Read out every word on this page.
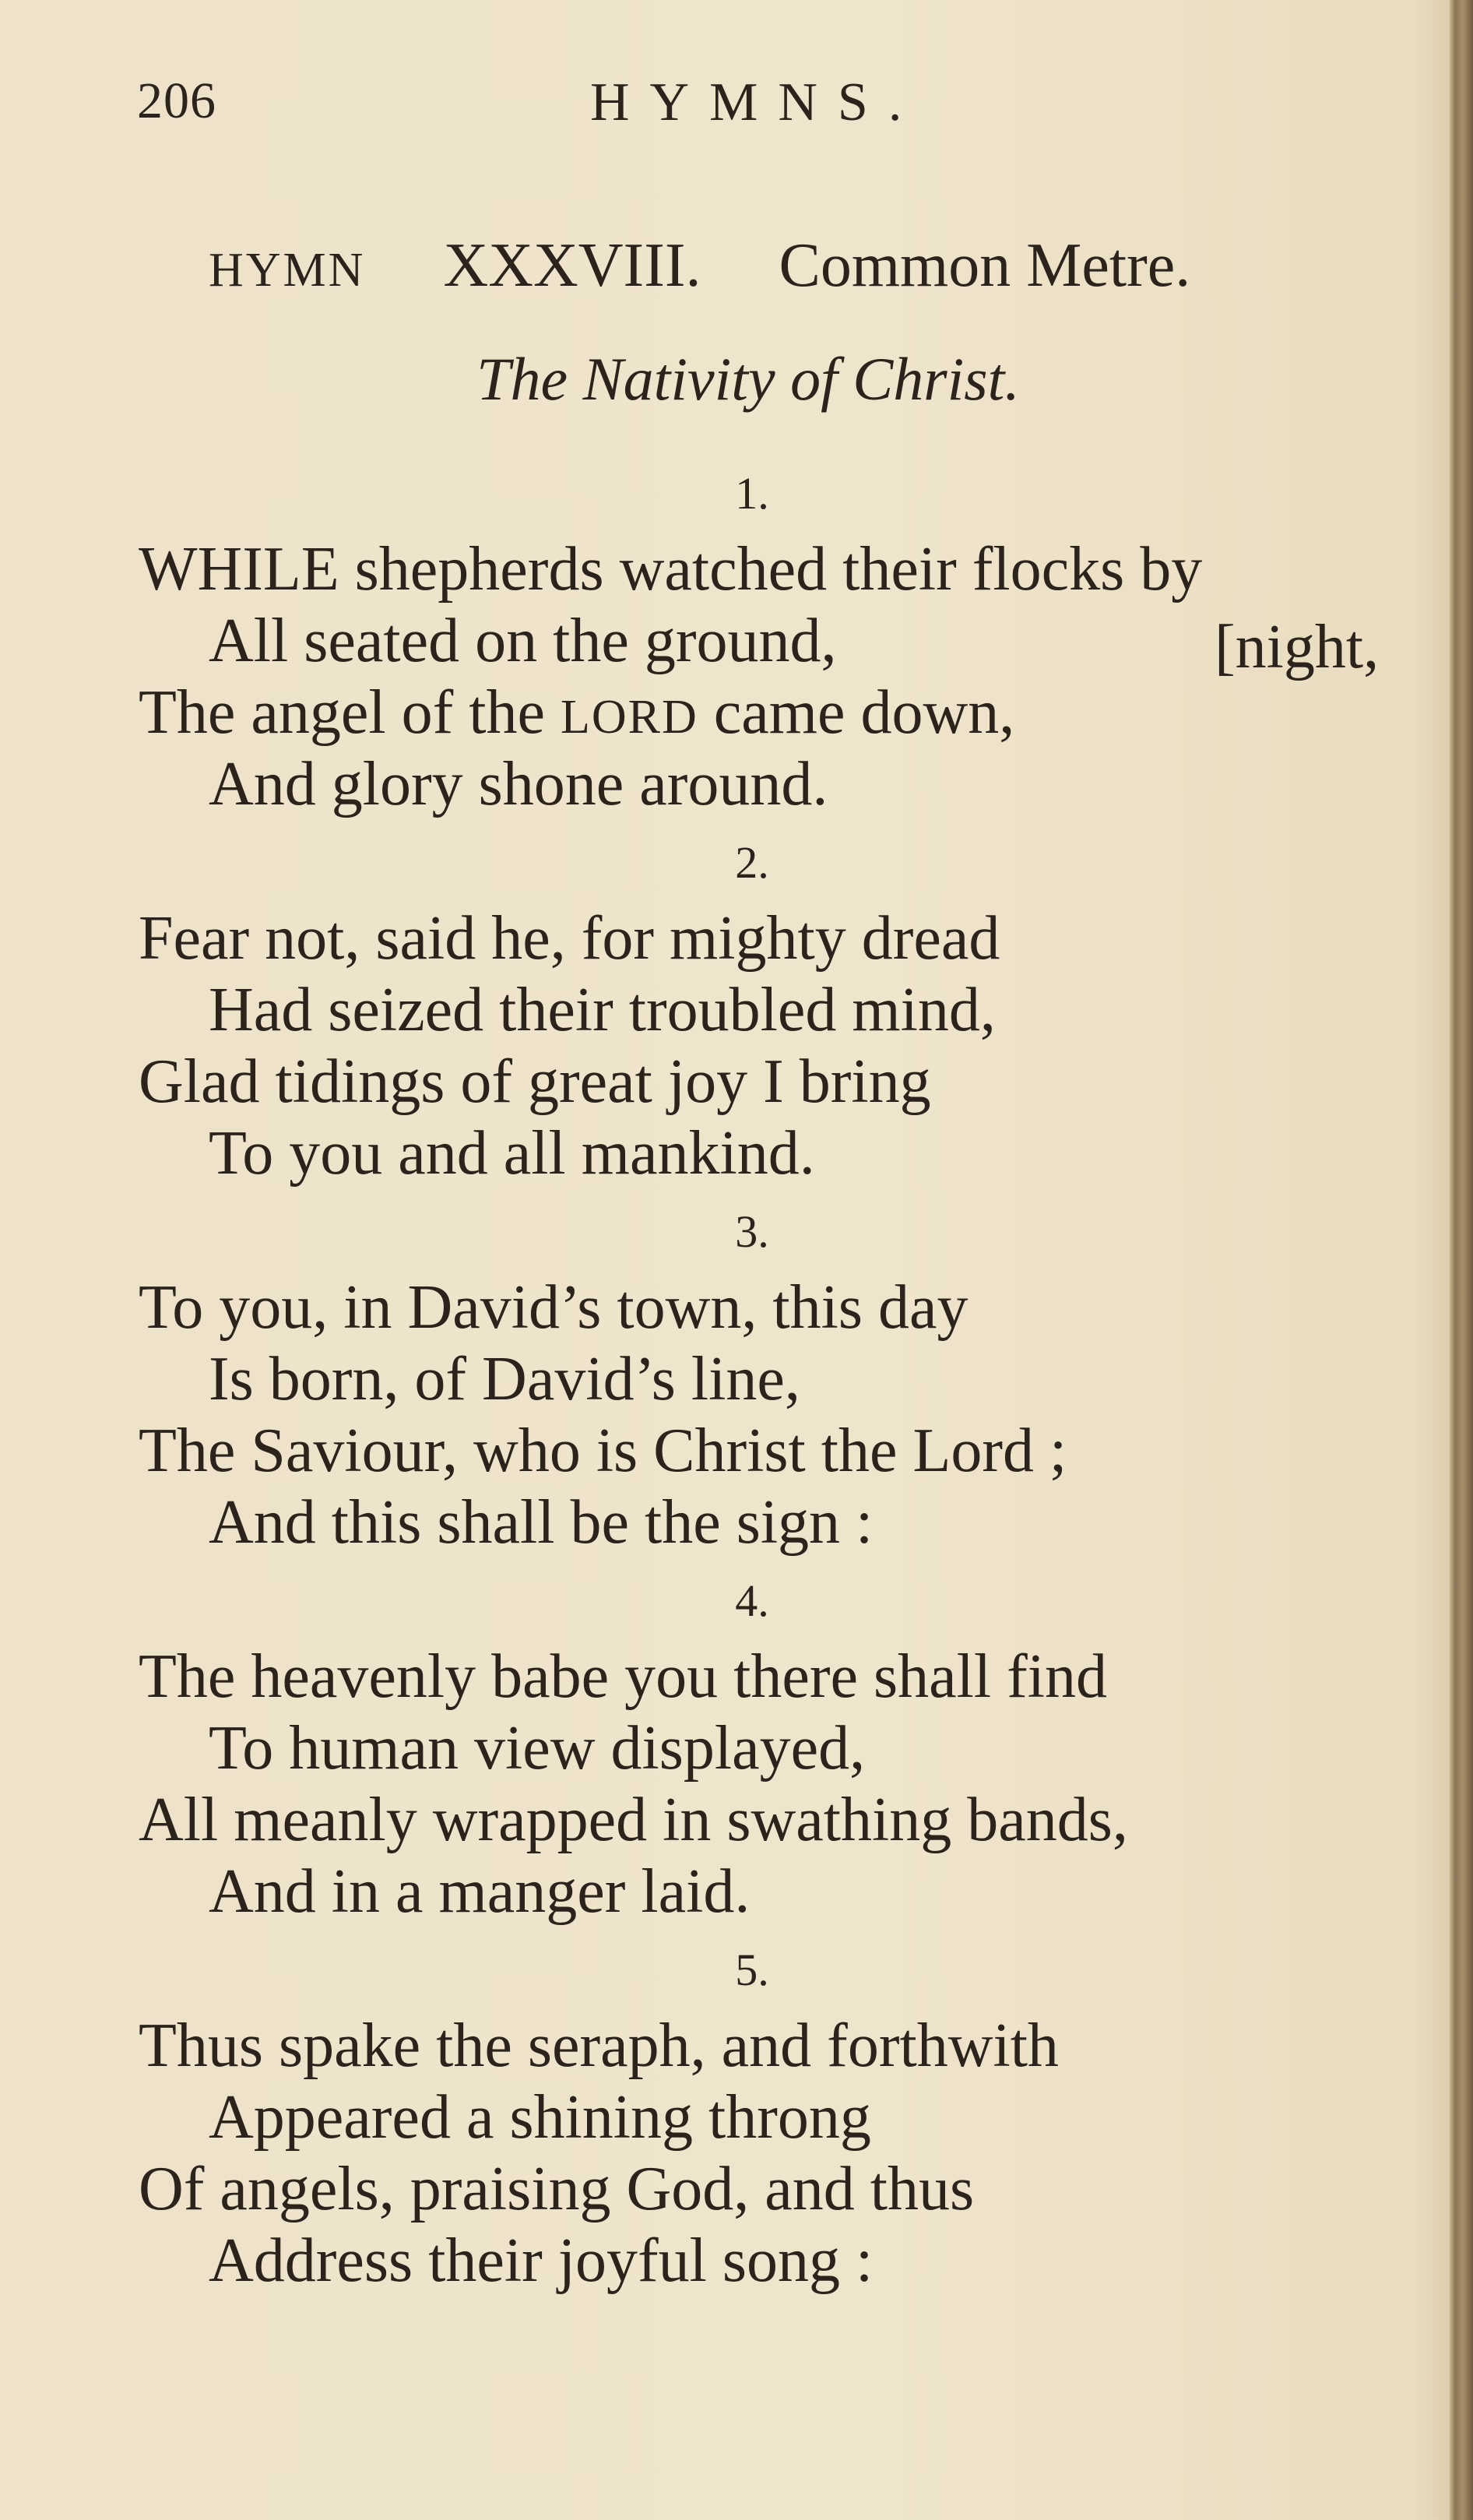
206	HYMNS.
HYMN XXXVIII. Common Metre.
The Nativity of Christ.
1.
WHILE shepherds watched their flocks by
All seated on the ground,	[night,
The angel of the LORD came down,
And glory shone around.
2.
Fear not, said he, for mighty dread
Had seized their troubled mind,
Glad tidings of great joy I bring
To you and all mankind.
3.
To you, in David’s town, this day
Is born, of David’s line,
The Saviour, who is Christ the Lord ;
And this shall be the sign :
4.
The heavenly babe you there shall find
To human view displayed,
All meanly wrapped in swathing bands,
And in a manger laid.
5.
Thus spake the seraph, and forthwith
Appeared a shining throng
Of angels, praising God, and thus
Address their joyful song :
